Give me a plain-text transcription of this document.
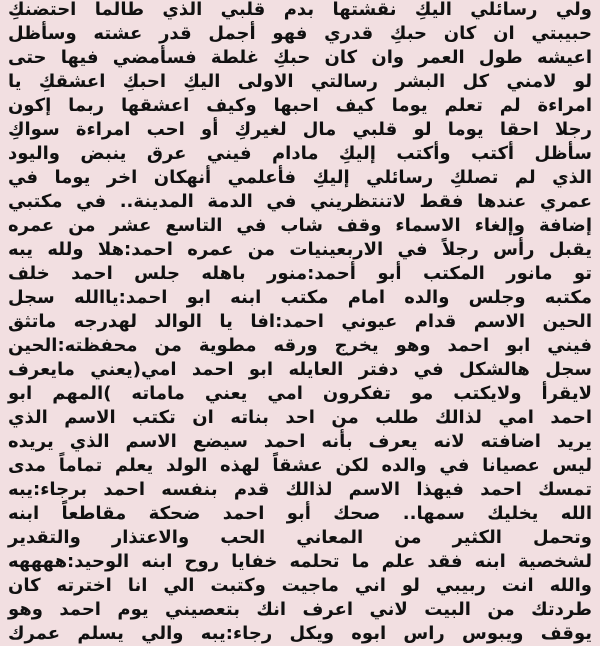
ولي رسائلي اليكِ نقشتها بدم قلبي الذي طالما احتضنكِ
حبيبتي ان كان حبكِ قدري فهو أجمل قدر عشته وسأظل
اعيشه طول العمر وان كان حبكِ غلطة فسأمضي فيها حتى
لو لامني كل البشر رسالتي الاولى اليكِ احبكِ اعشقكِ يا
امراءة لم تعلم يوما كيف احبها وكيف اعشقها ربما إكون
رجلا احقا يوما لو قلبي مال لغيركِ أو احب امراءة سواكِ
سأظل أكتب وأكتب إليكِ مادام فيني عرق ينبض واليود
الذي لم تصلكِ رسائلي إليكِ فأعلمي أنهكان اخر يوما في
عمري عندها فقط لاتنتظريني في الدمة المدينة.. في مكتبي
إضافة وإلغاء الاسماء وقف شاب في التاسع عشر من عمره
يقبل رأس رجلاً في الاربعينيات من عمره احمد:هلا ولله يبه
تو مانور المكتب أبو أحمد:منور باهله جلس احمد خلف
مكتبه وجلس والده امام مكتب ابنه ابو احمد:ياالله سجل
الحين الاسم قدام عيوني احمد:افا يا الوالد لهدرجه ماتثق
فيني ابو احمد وهو يخرج ورقه مطوية من محفظته:الحين
سجل هالشكل في دفتر العايله ابو احمد امي(يعني مايعرف
لايقرأ ولايكتب مو تفكرون امي يعني ماماته )المهم ابو
احمد امي لذالك طلب من احد بناته ان تكتب الاسم الذي
يريد اضافته لانه يعرف بأنه احمد سيضع الاسم الذي يريده
ليس عصيانا في والده لكن عشقاً لهذه الولد يعلم تماماً مدى
تمسك احمد فيهذا الاسم لذالك قدم بنفسه احمد برجاء:يبه
الله يخليك سمها.. صحك أبو احمد ضحكة مقاطعاً ابنه
وتحمل الكثير من المعاني الحب والاعتذار والتقدير
لشخصية ابنه فقد علم ما تحلمه خفايا روح ابنه الوحيد:ههههه
والله انت ربيبي لو اني ماجيت وكتبت الي انا اخترته كان
طردتك من البيت لاني اعرف انك بتعصيني يوم احمد وهو
يوقف ويبوس راس ابوه ويكل رجاء:يبه والي يسلم عمرك
